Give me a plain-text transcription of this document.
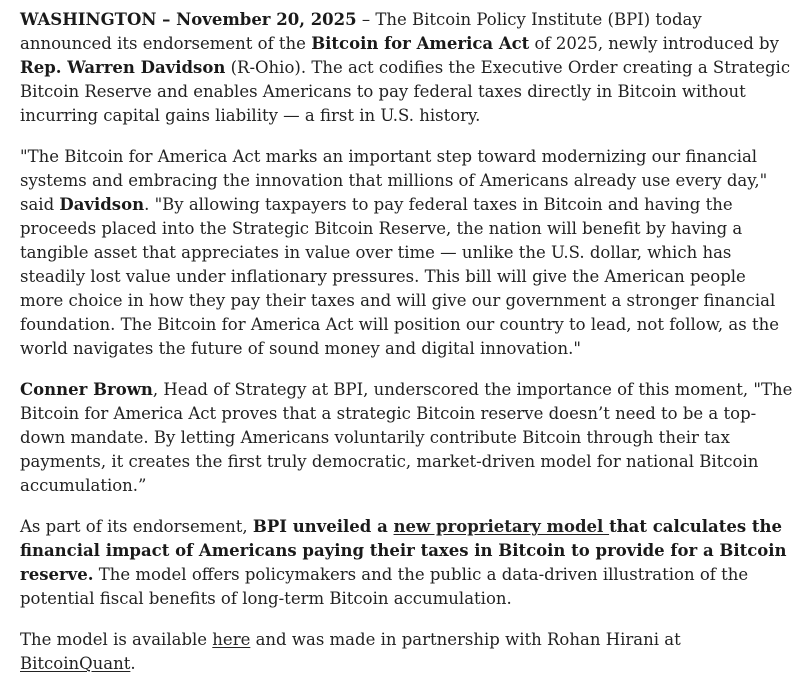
WASHINGTON – November 20, 2025 – The Bitcoin Policy Institute (BPI) today announced its endorsement of the Bitcoin for America Act of 2025, newly introduced by Rep. Warren Davidson (R-Ohio). The act codifies the Executive Order creating a Strategic Bitcoin Reserve and enables Americans to pay federal taxes directly in Bitcoin without incurring capital gains liability — a first in U.S. history.

"The Bitcoin for America Act marks an important step toward modernizing our financial systems and embracing the innovation that millions of Americans already use every day," said Davidson. "By allowing taxpayers to pay federal taxes in Bitcoin and having the proceeds placed into the Strategic Bitcoin Reserve, the nation will benefit by having a tangible asset that appreciates in value over time — unlike the U.S. dollar, which has steadily lost value under inflationary pressures. This bill will give the American people more choice in how they pay their taxes and will give our government a stronger financial foundation. The Bitcoin for America Act will position our country to lead, not follow, as the world navigates the future of sound money and digital innovation."

Conner Brown, Head of Strategy at BPI, underscored the importance of this moment, "The Bitcoin for America Act proves that a strategic Bitcoin reserve doesn’t need to be a top-down mandate. By letting Americans voluntarily contribute Bitcoin through their tax payments, it creates the first truly democratic, market-driven model for national Bitcoin accumulation.”

As part of its endorsement, BPI unveiled a new proprietary model that calculates the financial impact of Americans paying their taxes in Bitcoin to provide for a Bitcoin reserve. The model offers policymakers and the public a data-driven illustration of the potential fiscal benefits of long-term Bitcoin accumulation.

The model is available here and was made in partnership with Rohan Hirani at BitcoinQuant.
